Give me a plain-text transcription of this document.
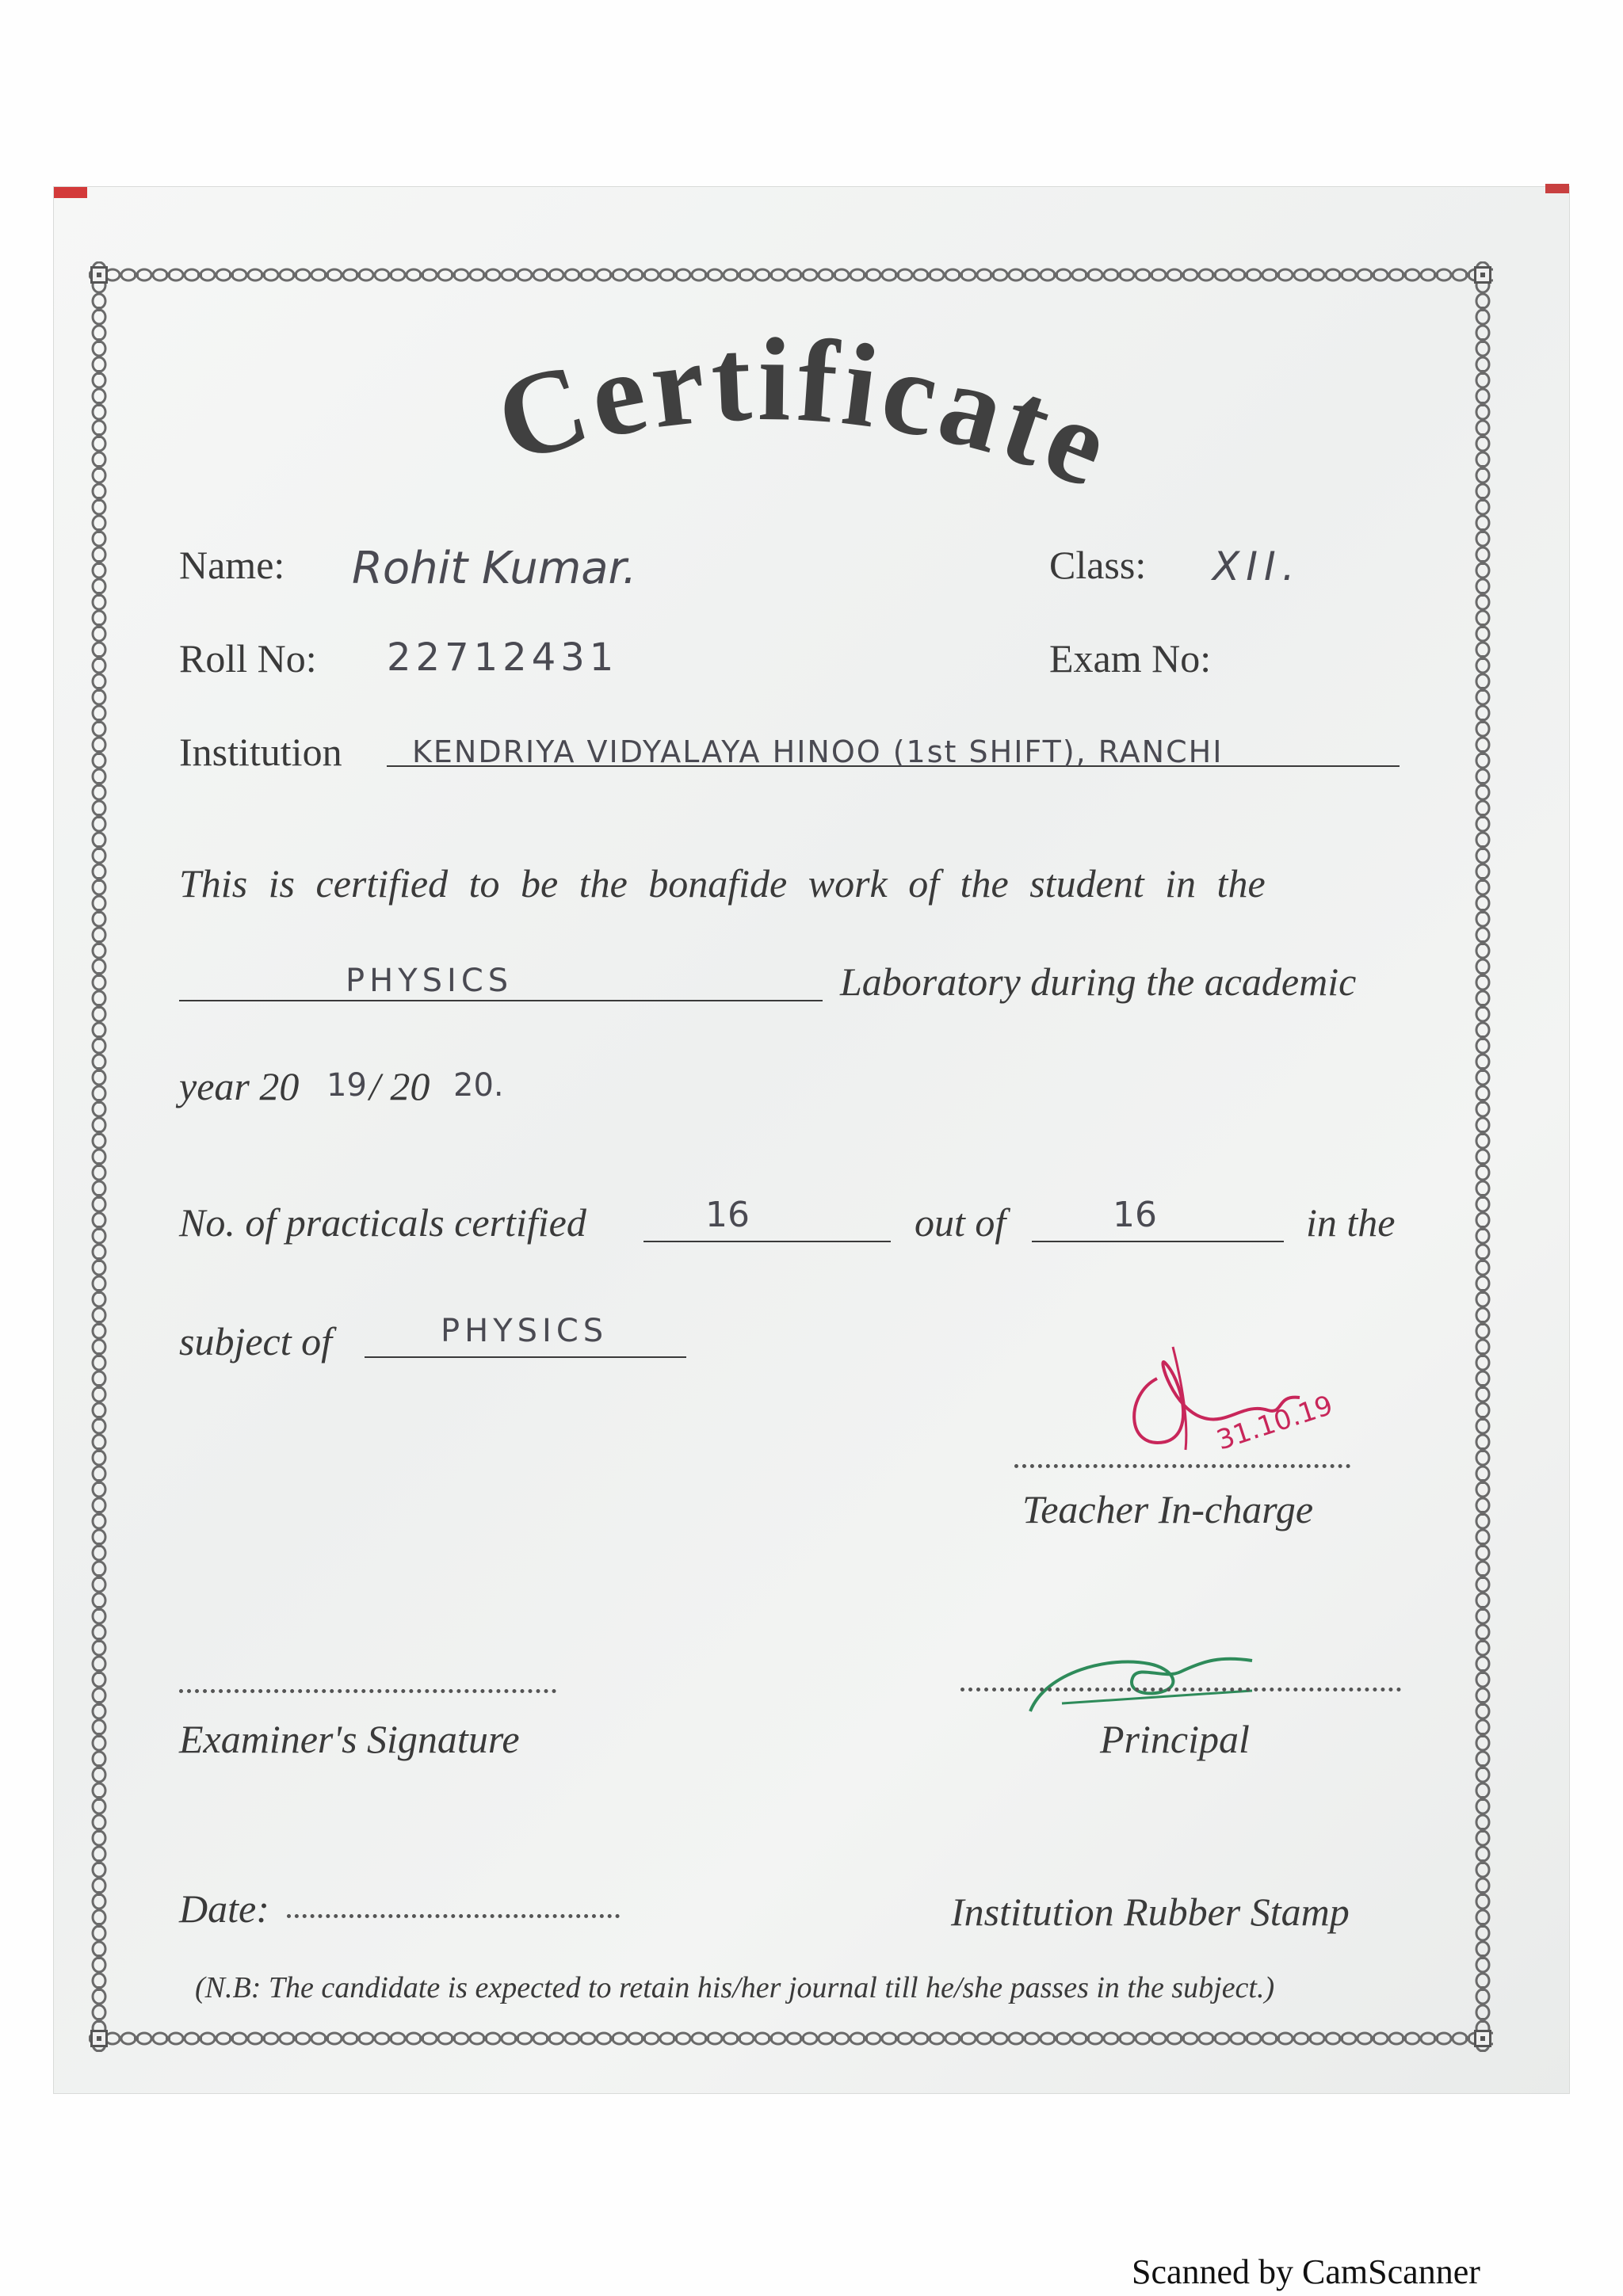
Certificate
Name: Rohit Kumar.	Class: XII.
Roll No: 22712431	Exam No:
Institution KENDRIYA VIDYALAYA HINOO (1st SHIFT), RANCHI
This is certified to be the bonafide work of the student in the
PHYSICS	Laboratory during the academic
year 20 19 / 20 20.
No. of practicals certified	16	out of	16	in the
subject of	PHYSICS
31.10.19
Teacher In-charge
Examiner's Signature	Principal
Date:	Institution Rubber Stamp
(N.B: The candidate is expected to retain his/her journal till he/she passes in the subject.)
Scanned by CamScanner
